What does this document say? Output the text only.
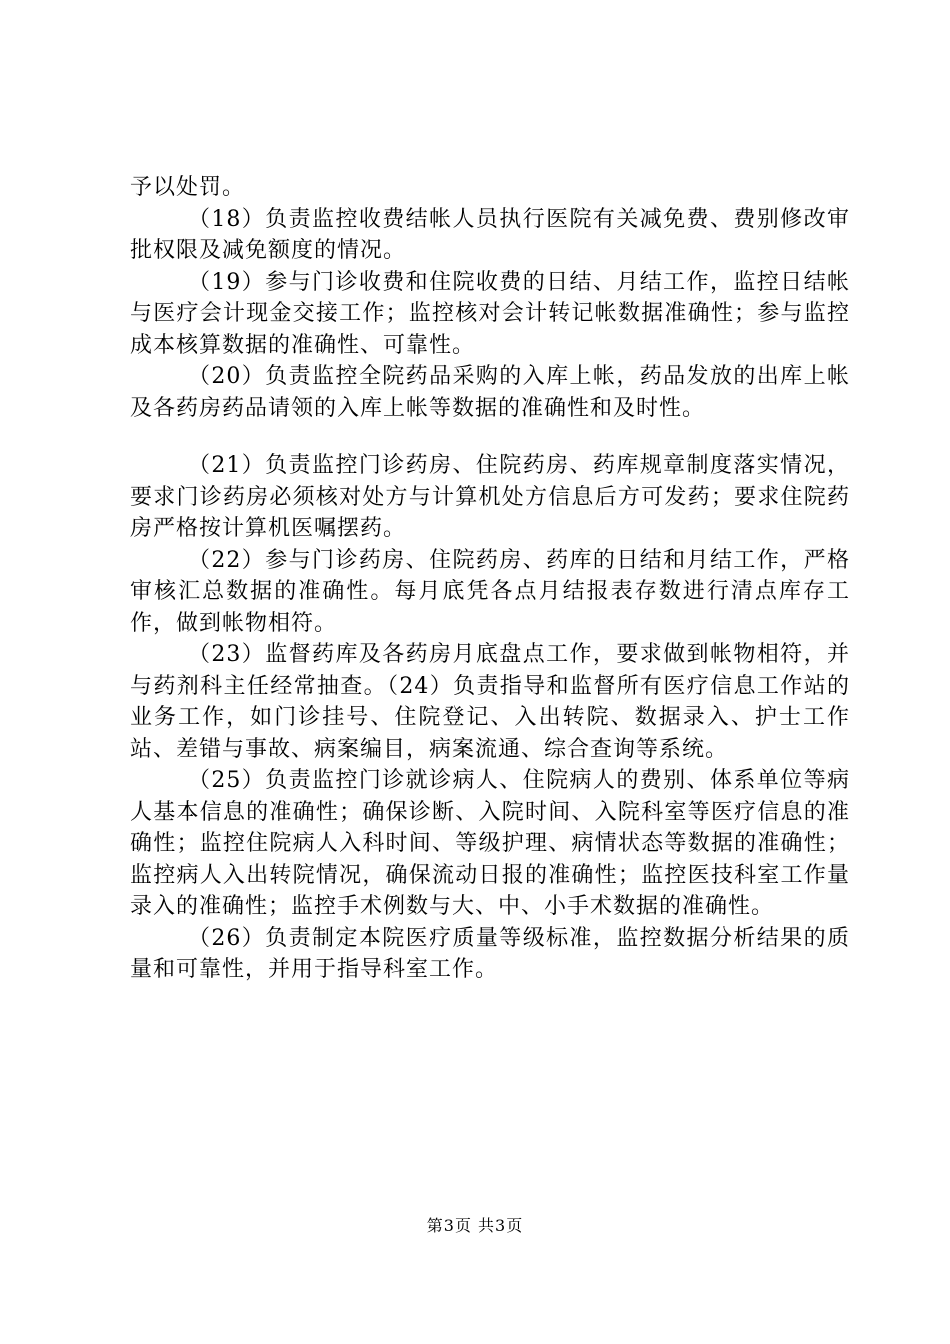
予以处罚。

（18）负责监控收费结帐人员执行医院有关减免费、费别修改审批权限及减免额度的情况。

（19）参与门诊收费和住院收费的日结、月结工作，监控日结帐与医疗会计现金交接工作；监控核对会计转记帐数据准确性；参与监控成本核算数据的准确性、可靠性。

（20）负责监控全院药品采购的入库上帐，药品发放的出库上帐及各药房药品请领的入库上帐等数据的准确性和及时性。

（21）负责监控门诊药房、住院药房、药库规章制度落实情况，要求门诊药房必须核对处方与计算机处方信息后方可发药；要求住院药房严格按计算机医嘱摆药。

（22）参与门诊药房、住院药房、药库的日结和月结工作，严格审核汇总数据的准确性。每月底凭各点月结报表存数进行清点库存工作，做到帐物相符。

（23）监督药库及各药房月底盘点工作，要求做到帐物相符，并与药剂科主任经常抽查。（24）负责指导和监督所有医疗信息工作站的业务工作，如门诊挂号、住院登记、入出转院、数据录入、护士工作站、差错与事故、病案编目，病案流通、综合查询等系统。

（25）负责监控门诊就诊病人、住院病人的费别、体系单位等病人基本信息的准确性；确保诊断、入院时间、入院科室等医疗信息的准确性；监控住院病人入科时间、等级护理、病情状态等数据的准确性；监控病人入出转院情况，确保流动日报的准确性；监控医技科室工作量录入的准确性；监控手术例数与大、中、小手术数据的准确性。

（26）负责制定本院医疗质量等级标准，监控数据分析结果的质量和可靠性，并用于指导科室工作。

第3页 共3页
